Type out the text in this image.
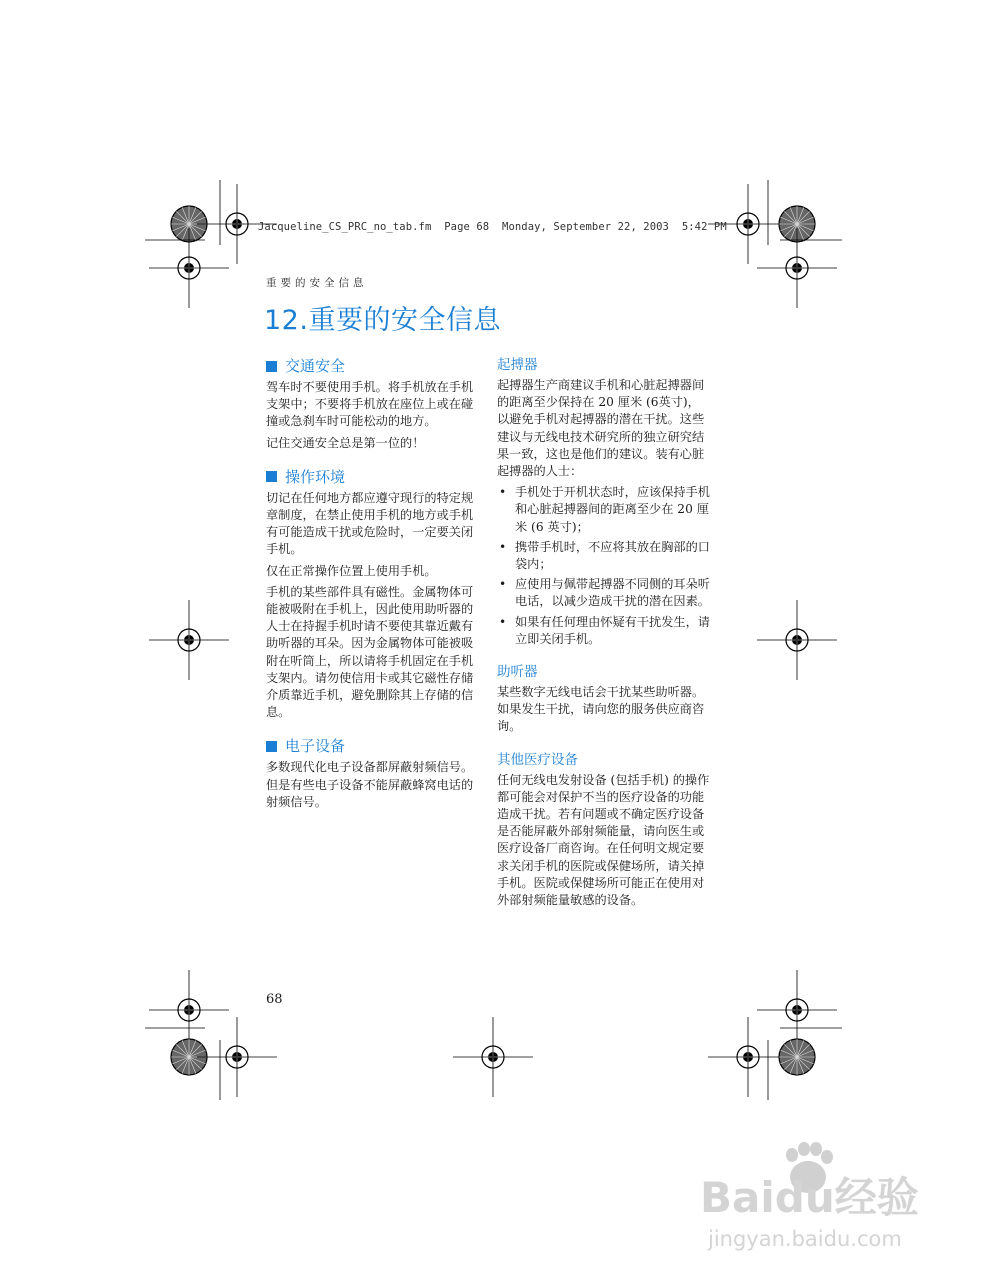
Jacqueline_CS_PRC_no_tab.fm  Page 68  Monday, September 22, 2003  5:42 PM
重要的安全信息
12.重要的安全信息
交通安全

驾车时不要使用手机。将手机放在手机支架中；不要将手机放在座位上或在碰撞或急刹车时可能松动的地方。

记住交通安全总是第一位的！

操作环境

切记在任何地方都应遵守现行的特定规章制度，在禁止使用手机的地方或手机有可能造成干扰或危险时，一定要关闭手机。

仅在正常操作位置上使用手机。

手机的某些部件具有磁性。金属物体可能被吸附在手机上，因此使用助听器的人士在持握手机时请不要使其靠近戴有助听器的耳朵。因为金属物体可能被吸附在听筒上，所以请将手机固定在手机支架内。请勿使信用卡或其它磁性存储介质靠近手机，避免删除其上存储的信息。

电子设备

多数现代化电子设备都屏蔽射频信号。但是有些电子设备不能屏蔽蜂窝电话的射频信号。

起搏器

起搏器生产商建议手机和心脏起搏器间的距离至少保持在 20 厘米 (6英寸)，以避免手机对起搏器的潜在干扰。这些建议与无线电技术研究所的独立研究结果一致，这也是他们的建议。装有心脏起搏器的人士：

• 手机处于开机状态时，应该保持手机和心脏起搏器间的距离至少在 20 厘米 (6 英寸)；
• 携带手机时，不应将其放在胸部的口袋内；
• 应使用与佩带起搏器不同侧的耳朵听电话，以减少造成干扰的潜在因素。
• 如果有任何理由怀疑有干扰发生，请立即关闭手机。
助听器

某些数字无线电话会干扰某些助听器。如果发生干扰，请向您的服务供应商咨询。

其他医疗设备

任何无线电发射设备 (包括手机) 的操作都可能会对保护不当的医疗设备的功能造成干扰。若有问题或不确定医疗设备是否能屏蔽外部射频能量，请向医生或医疗设备厂商咨询。在任何明文规定要求关闭手机的医院或保健场所，请关掉手机。医院或保健场所可能正在使用对外部射频能量敏感的设备。

68
Baidu经验
jingyan.baidu.com
